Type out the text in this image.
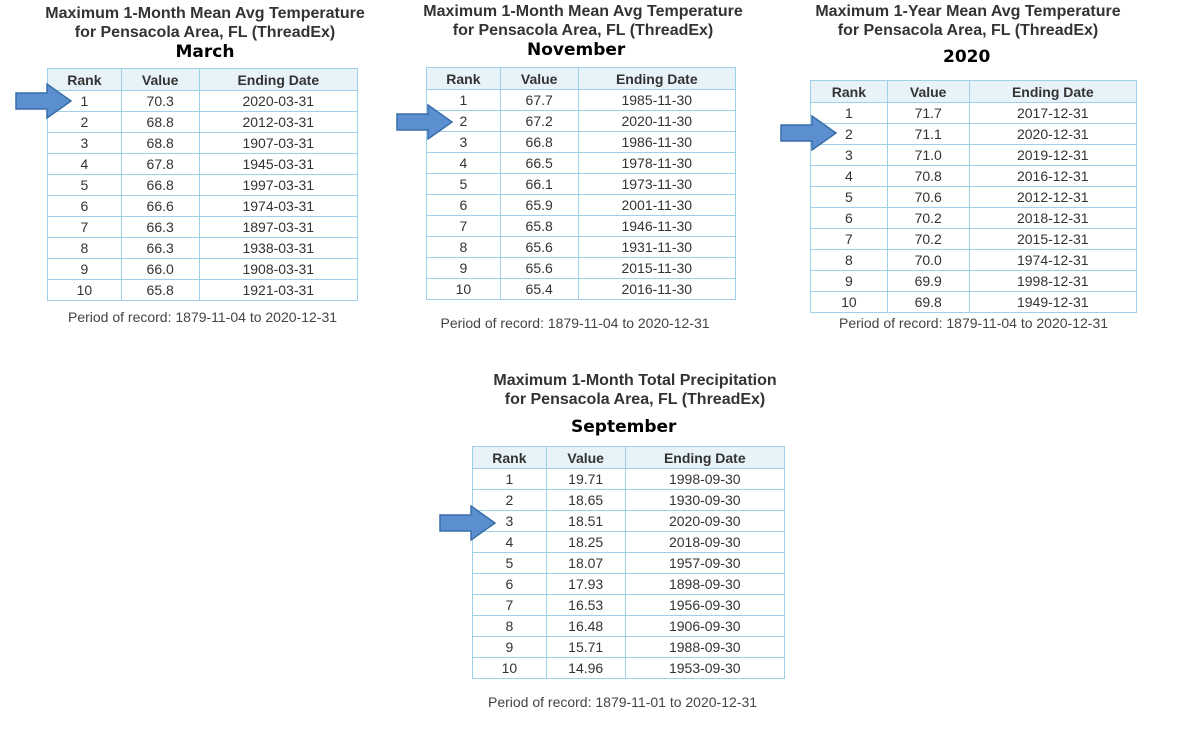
Maximum 1-Month Mean Avg Temperature
for Pensacola Area, FL (ThreadEx)
March
Rank	Value	Ending Date
1	70.3	2020-03-31
2	68.8	2012-03-31
3	68.8	1907-03-31
4	67.8	1945-03-31
5	66.8	1997-03-31
6	66.6	1974-03-31
7	66.3	1897-03-31
8	66.3	1938-03-31
9	66.0	1908-03-31
10	65.8	1921-03-31
Period of record: 1879-11-04 to 2020-12-31
Maximum 1-Month Mean Avg Temperature
for Pensacola Area, FL (ThreadEx)
November
Rank	Value	Ending Date
1	67.7	1985-11-30
2	67.2	2020-11-30
3	66.8	1986-11-30
4	66.5	1978-11-30
5	66.1	1973-11-30
6	65.9	2001-11-30
7	65.8	1946-11-30
8	65.6	1931-11-30
9	65.6	2015-11-30
10	65.4	2016-11-30
Period of record: 1879-11-04 to 2020-12-31
Maximum 1-Year Mean Avg Temperature
for Pensacola Area, FL (ThreadEx)
2020
Rank	Value	Ending Date
1	71.7	2017-12-31
2	71.1	2020-12-31
3	71.0	2019-12-31
4	70.8	2016-12-31
5	70.6	2012-12-31
6	70.2	2018-12-31
7	70.2	2015-12-31
8	70.0	1974-12-31
9	69.9	1998-12-31
10	69.8	1949-12-31
Period of record: 1879-11-04 to 2020-12-31
Maximum 1-Month Total Precipitation
for Pensacola Area, FL (ThreadEx)
September
Rank	Value	Ending Date
1	19.71	1998-09-30
2	18.65	1930-09-30
3	18.51	2020-09-30
4	18.25	2018-09-30
5	18.07	1957-09-30
6	17.93	1898-09-30
7	16.53	1956-09-30
8	16.48	1906-09-30
9	15.71	1988-09-30
10	14.96	1953-09-30
Period of record: 1879-11-01 to 2020-12-31
